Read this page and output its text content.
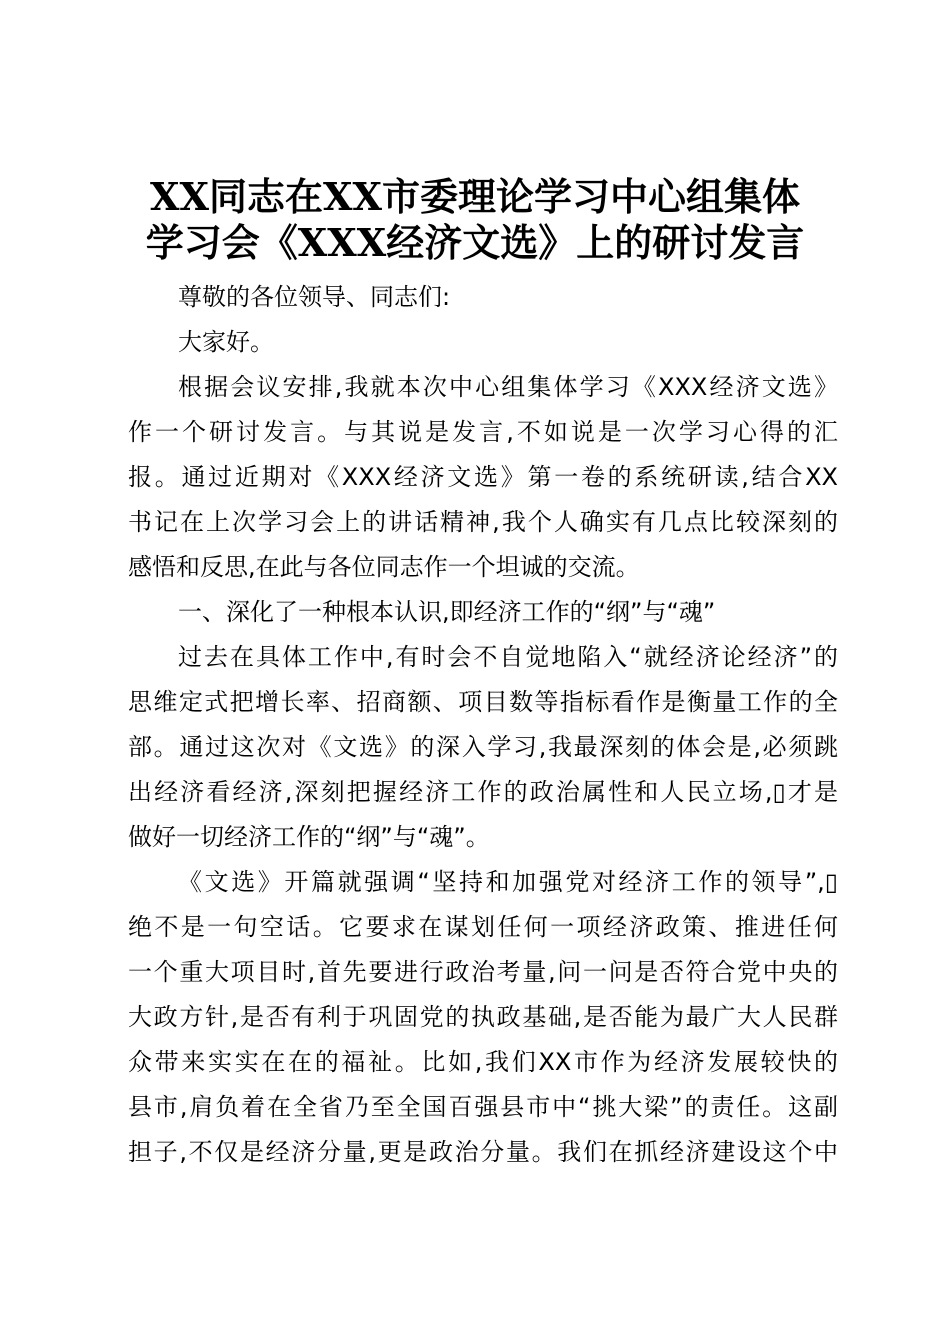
XX同志在XX市委理论学习中心组集体
学习会《XXX经济文选》上的研讨发言
尊敬的各位领导、同志们:
大家好。
根据会议安排,我就本次中心组集体学习《XXX经济文选》
作一个研讨发言。与其说是发言,不如说是一次学习心得的汇
报。通过近期对《XXX经济文选》第一卷的系统研读,结合XX
书记在上次学习会上的讲话精神,我个人确实有几点比较深刻的
感悟和反思,在此与各位同志作一个坦诚的交流。
一、深化了一种根本认识,即经济工作的“纲”与“魂”
过去在具体工作中,有时会不自觉地陷入“就经济论经济”的
思维定式把增长率、招商额、项目数等指标看作是衡量工作的全
部。通过这次对《文选》的深入学习,我最深刻的体会是,必须跳
出经济看经济,深刻把握经济工作的政治属性和人民立场,▯才是
做好一切经济工作的“纲”与“魂”。
《文选》开篇就强调“坚持和加强党对经济工作的领导”,▯
绝不是一句空话。它要求在谋划任何一项经济政策、推进任何
一个重大项目时,首先要进行政治考量,问一问是否符合党中央的
大政方针,是否有利于巩固党的执政基础,是否能为最广大人民群
众带来实实在在的福祉。比如,我们XX市作为经济发展较快的
县市,肩负着在全省乃至全国百强县市中“挑大梁”的责任。这副
担子,不仅是经济分量,更是政治分量。我们在抓经济建设这个中
